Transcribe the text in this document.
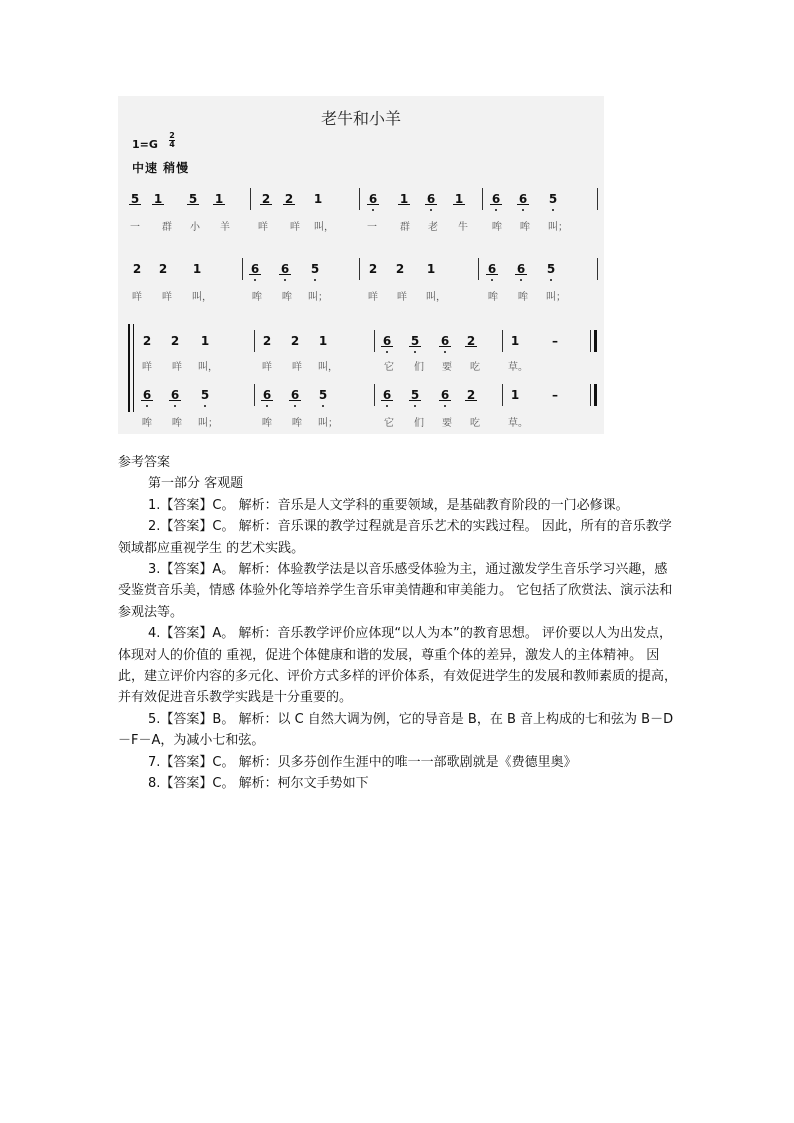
老牛和小羊
1=G
2
4
中速 稍慢
5 1 5 1	2 2 1	6 1 6 1 6 6 5
一	群	小	羊	咩	咩	叫，	一	群	老	牛	哞	哞	叫；
2 2 1	6 6 5	2 2 1	6 6 5
咩	咩	叫，	哞	哞	叫；	咩	咩	叫，	哞	哞	叫；
2 2 1	2 2 1	6 5 6 2	1	–
咩	咩	叫，	咩	咩	叫，	它	们	要	吃	草。
6 6 5	6 6 5	6 5 6 2	1	–
哞	哞	叫；	哞	哞	叫；	它	们	要	吃	草。

参考答案

第一部分 客观题

1.【答案】C。 解析：音乐是人文学科的重要领域，是基础教育阶段的一门必修课。

2.【答案】C。 解析：音乐课的教学过程就是音乐艺术的实践过程。 因此，所有的音乐教学领域都应重视学生 的艺术实践。

3.【答案】A。 解析：体验教学法是以音乐感受体验为主，通过激发学生音乐学习兴趣，感受鉴赏音乐美，情感 体验外化等培养学生音乐审美情趣和审美能力。 它包括了欣赏法、演示法和参观法等。

4.【答案】A。 解析：音乐教学评价应体现“以人为本”的教育思想。 评价要以人为出发点，体现对人的价值的 重视，促进个体健康和谐的发展，尊重个体的差异，激发人的主体精神。 因此，建立评价内容的多元化、评价方式多样的评价体系，有效促进学生的发展和教师素质的提高，并有效促进音乐教学实践是十分重要的。

5.【答案】B。 解析：以 C 自然大调为例，它的导音是 B，在 B 音上构成的七和弦为 B－D－F－A，为减小七和弦。

7.【答案】C。 解析：贝多芬创作生涯中的唯一一部歌剧就是《费德里奥》

8.【答案】C。 解析：柯尔文手势如下
